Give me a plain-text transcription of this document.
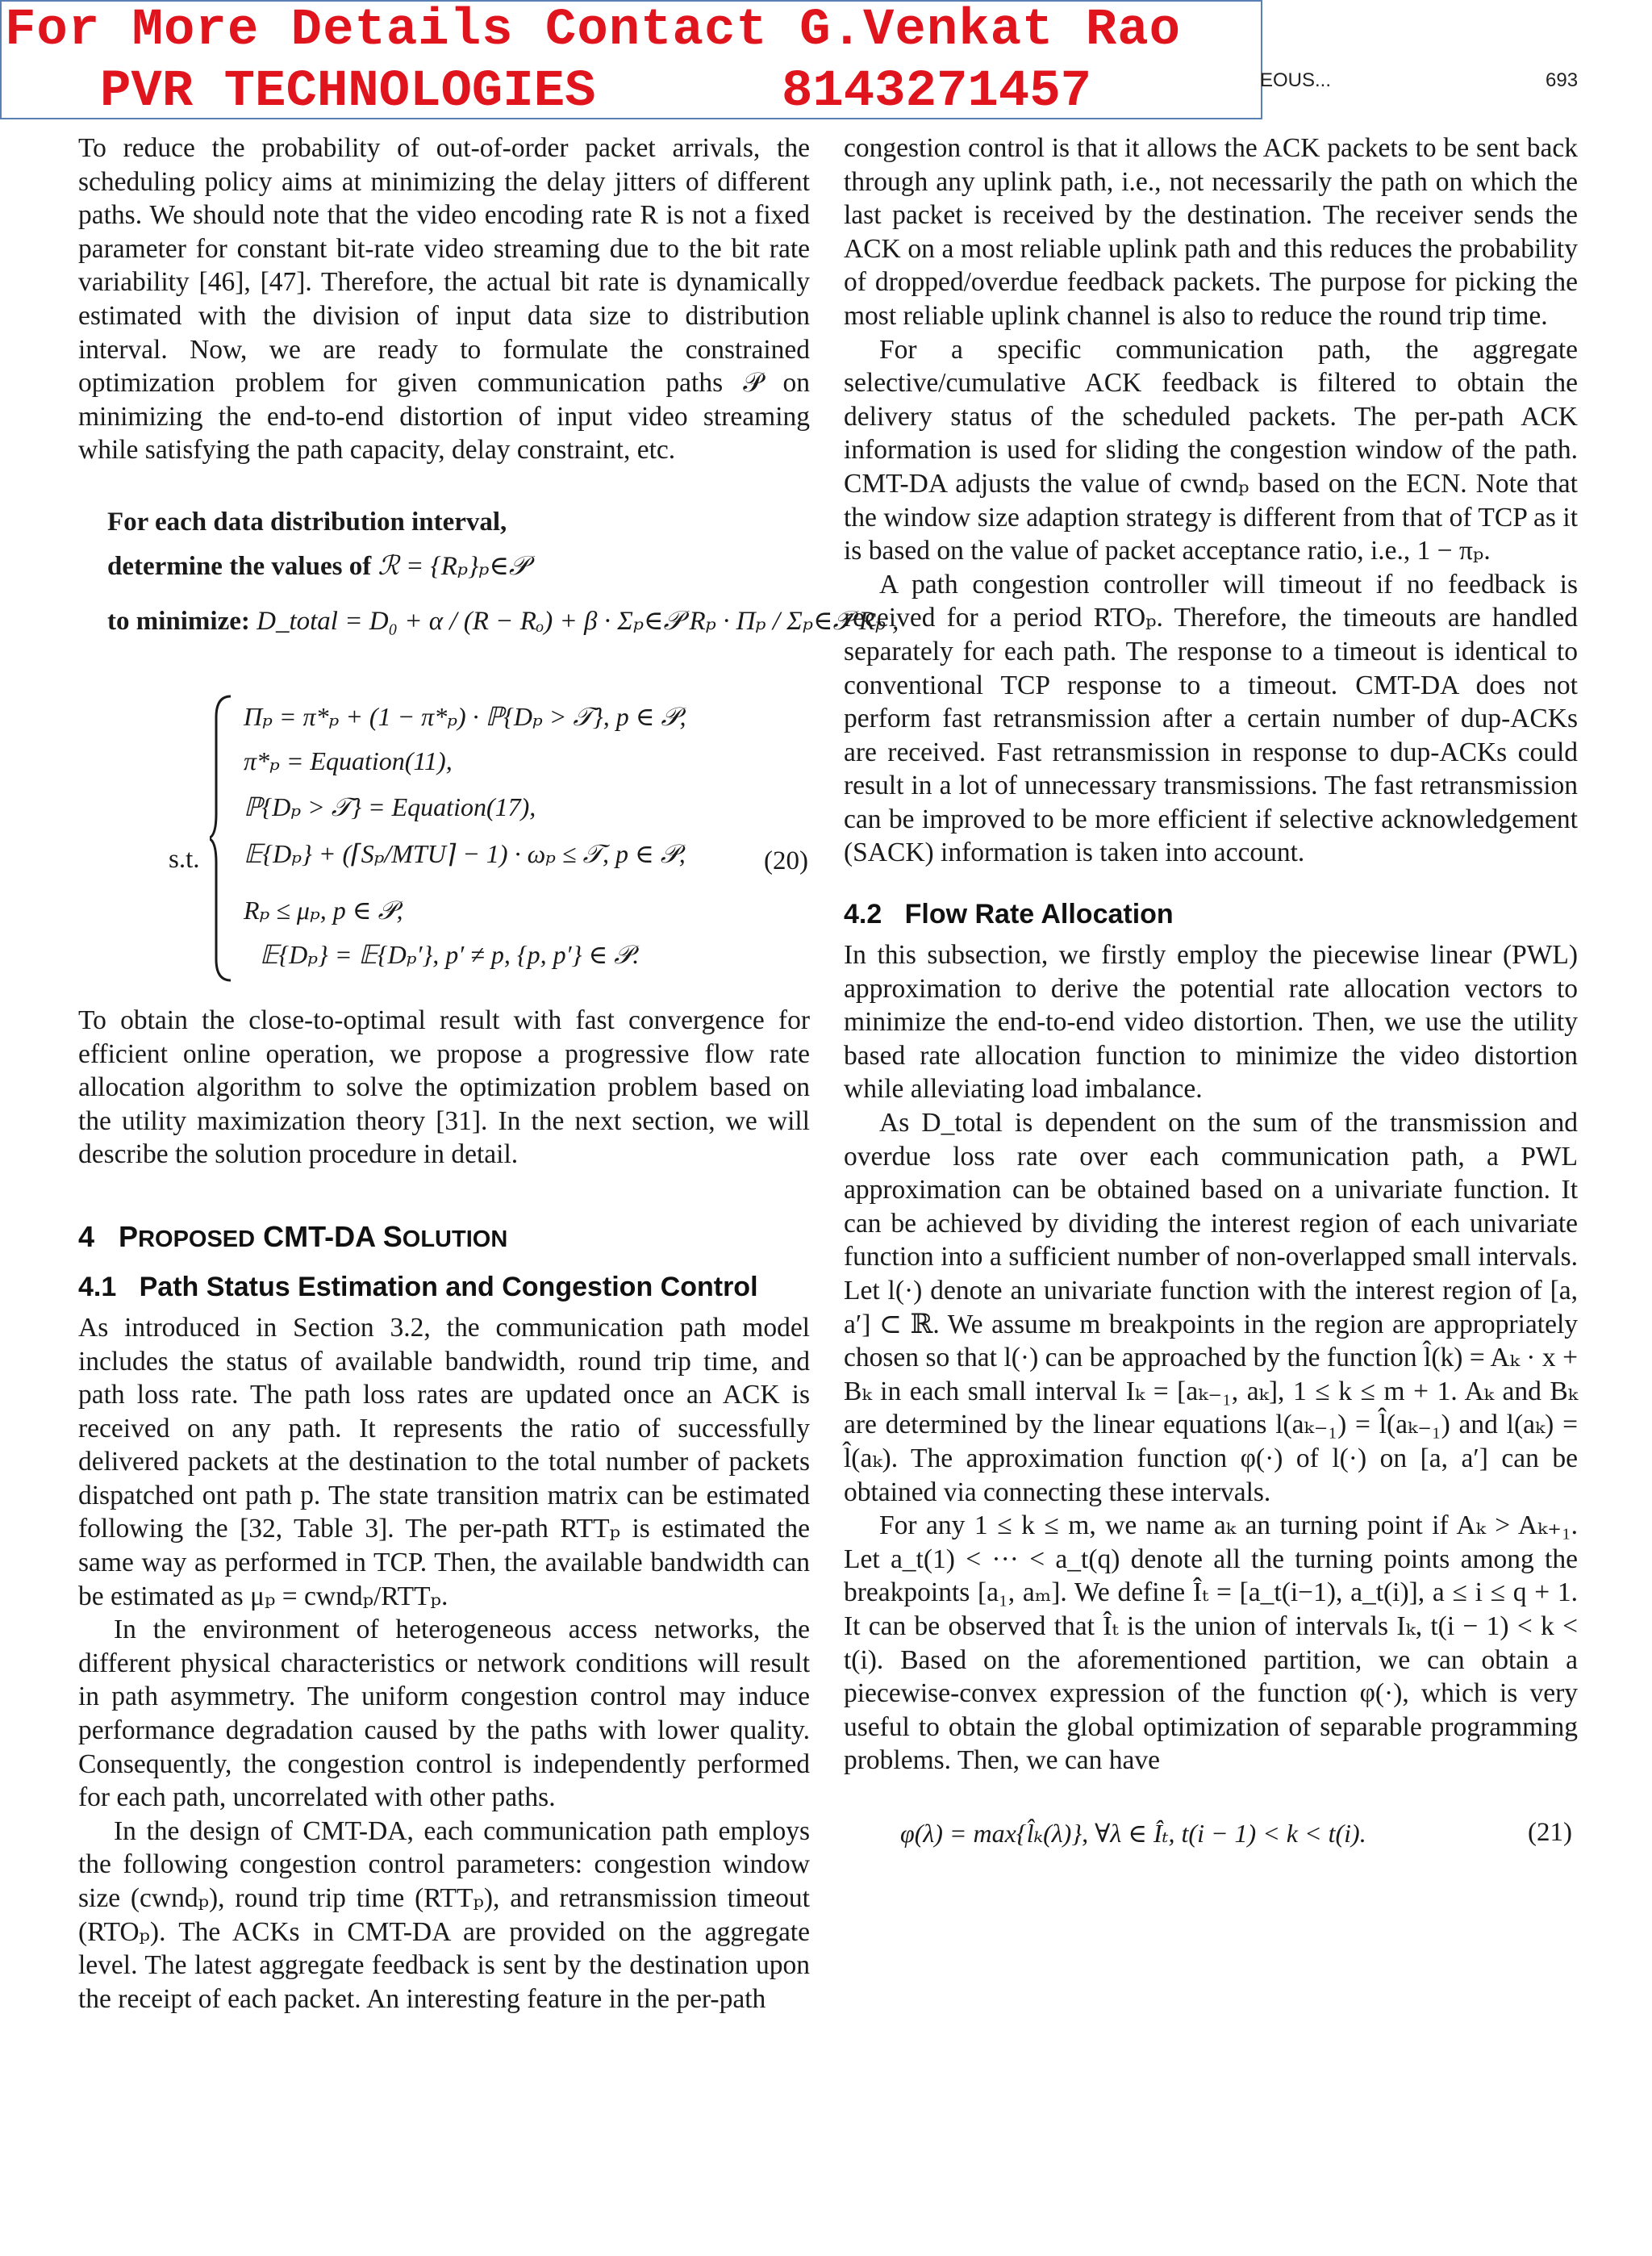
For More Details Contact G.Venkat Rao
PVR TECHNOLOGIES      8143271457	EOUS...	693

To reduce the probability of out-of-order packet arrivals, the scheduling policy aims at minimizing the delay jitters of different paths. We should note that the video encoding rate R is not a fixed parameter for constant bit-rate video streaming due to the bit rate variability [46], [47]. Therefore, the actual bit rate is dynamically estimated with the division of input data size to distribution interval. Now, we are ready to formulate the constrained optimization problem for given communication paths 𝒫 on minimizing the end-to-end distortion of input video streaming while satisfying the path capacity, delay constraint, etc.

For each data distribution interval,
determine the values of ℛ = {Rₚ}ₚ∈𝒫
to minimize: D_total = D₀ + α / (R − Rₒ) + β · Σₚ∈𝒫 Rₚ · Πₚ / Σₚ∈𝒫 Rₚ ,
s.t.
Πₚ = π*ₚ + (1 − π*ₚ) · ℙ{Dₚ > 𝒯}, p ∈ 𝒫,
π*ₚ = Equation(11),
ℙ{Dₚ > 𝒯} = Equation(17),
𝔼{Dₚ} + (⌈Sₚ/MTU⌉ − 1) · ωₚ ≤ 𝒯, p ∈ 𝒫,
Rₚ ≤ μₚ, p ∈ 𝒫,
𝔼{Dₚ} = 𝔼{Dₚ′}, p′ ≠ p, {p, p′} ∈ 𝒫.
(20)

To obtain the close-to-optimal result with fast convergence for efficient online operation, we propose a progressive flow rate allocation algorithm to solve the optimization problem based on the utility maximization theory [31]. In the next section, we will describe the solution procedure in detail.

4 PROPOSED CMT-DA SOLUTION
4.1   Path Status Estimation and Congestion Control

As introduced in Section 3.2, the communication path model includes the status of available bandwidth, round trip time, and path loss rate. The path loss rates are updated once an ACK is received on any path. It represents the ratio of successfully delivered packets at the destination to the total number of packets dispatched ont path p. The state transition matrix can be estimated following the [32, Table 3]. The per-path RTTₚ is estimated the same way as performed in TCP. Then, the available bandwidth can be estimated as μₚ = cwndₚ/RTTₚ.

In the environment of heterogeneous access networks, the different physical characteristics or network conditions will result in path asymmetry. The uniform congestion control may induce performance degradation caused by the paths with lower quality. Consequently, the congestion control is independently performed for each path, uncorrelated with other paths.

In the design of CMT-DA, each communication path employs the following congestion control parameters: congestion window size (cwndₚ), round trip time (RTTₚ), and retransmission timeout (RTOₚ). The ACKs in CMT-DA are provided on the aggregate level. The latest aggregate feedback is sent by the destination upon the receipt of each packet. An interesting feature in the per-path

congestion control is that it allows the ACK packets to be sent back through any uplink path, i.e., not necessarily the path on which the last packet is received by the destination. The receiver sends the ACK on a most reliable uplink path and this reduces the probability of dropped/overdue feedback packets. The purpose for picking the most reliable uplink channel is also to reduce the round trip time.

For a specific communication path, the aggregate selective/cumulative ACK feedback is filtered to obtain the delivery status of the scheduled packets. The per-path ACK information is used for sliding the congestion window of the path. CMT-DA adjusts the value of cwndₚ based on the ECN. Note that the window size adaption strategy is different from that of TCP as it is based on the value of packet acceptance ratio, i.e., 1 − πₚ.

A path congestion controller will timeout if no feedback is received for a period RTOₚ. Therefore, the timeouts are handled separately for each path. The response to a timeout is identical to conventional TCP response to a timeout. CMT-DA does not perform fast retransmission after a certain number of dup-ACKs are received. Fast retransmission in response to dup-ACKs could result in a lot of unnecessary transmissions. The fast retransmission can be improved to be more efficient if selective acknowledgement (SACK) information is taken into account.

4.2   Flow Rate Allocation

In this subsection, we firstly employ the piecewise linear (PWL) approximation to derive the potential rate allocation vectors to minimize the end-to-end video distortion. Then, we use the utility based rate allocation function to minimize the video distortion while alleviating load imbalance.

As D_total is dependent on the sum of the transmission and overdue loss rate over each communication path, a PWL approximation can be obtained based on a univariate function. It can be achieved by dividing the interest region of each univariate function into a sufficient number of non-overlapped small intervals. Let l(·) denote an univariate function with the interest region of [a, a′] ⊂ ℝ. We assume m breakpoints in the region are appropriately chosen so that l(·) can be approached by the function l̂(k) = Aₖ · x + Bₖ in each small interval Iₖ = [aₖ₋₁, aₖ], 1 ≤ k ≤ m + 1. Aₖ and Bₖ are determined by the linear equations l(aₖ₋₁) = l̂(aₖ₋₁) and l(aₖ) = l̂(aₖ). The approximation function φ(·) of l(·) on [a, a′] can be obtained via connecting these intervals.

For any 1 ≤ k ≤ m, we name aₖ an turning point if Aₖ > Aₖ₊₁. Let a_t(1) < ··· < a_t(q) denote all the turning points among the breakpoints [a₁, aₘ]. We define Îₜ = [a_t(i−1), a_t(i)], a ≤ i ≤ q + 1. It can be observed that Îₜ is the union of intervals Iₖ, t(i − 1) < k < t(i). Based on the aforementioned partition, we can obtain a piecewise-convex expression of the function φ(·), which is very useful to obtain the global optimization of separable programming problems. Then, we can have

φ(λ) = max{l̂ₖ(λ)}, ∀λ ∈ Îₜ, t(i − 1) < k < t(i).	(21)
